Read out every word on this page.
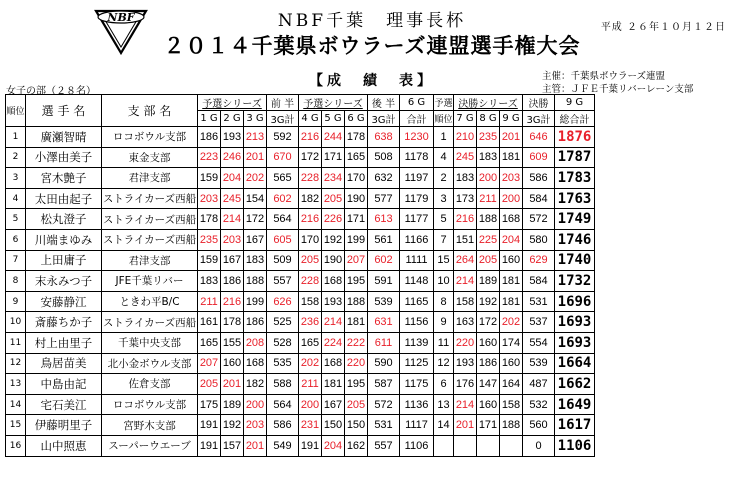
NBF	NBF千葉　理事長杯
２０１４千葉県ボウラーズ連盟選手権大会
平成 ２６年１０月１２日
主催：千葉県ボウラーズ連盟
主管：ＪＦＥ千葉リバーレーン支部
【成　績　表】
女子の部（２８名）
順位	選 手 名	支 部 名	予選シリーズ			前 半	予選シリーズ			後 半	6 G	予選	決勝シリーズ			決勝	9 G
			1 G	2 G	3 G	3G計	4 G	5 G	6 G	3G計	合計	順位	7 G	8 G	9 G	3G計	総合計
1	廣瀬智晴	ロコボウル支部	186	193	213	592	216	244	178	638	1230	1	210	235	201	646	1876
2	小澤由美子	東金支部	223	246	201	670	172	171	165	508	1178	4	245	183	181	609	1787
3	宮木艶子	君津支部	159	204	202	565	228	234	170	632	1197	2	183	200	203	586	1783
4	太田由起子	ストライカーズ西船	203	245	154	602	182	205	190	577	1179	3	173	211	200	584	1763
5	松丸澄子	ストライカーズ西船	178	214	172	564	216	226	171	613	1177	5	216	188	168	572	1749
6	川端まゆみ	ストライカーズ西船	235	203	167	605	170	192	199	561	1166	7	151	225	204	580	1746
7	上田庸子	君津支部	159	167	183	509	205	190	207	602	1111	15	264	205	160	629	1740
8	末永みつ子	JFE千葉リバー	183	186	188	557	228	168	195	591	1148	10	214	189	181	584	1732
9	安藤静江	ときわ平B/C	211	216	199	626	158	193	188	539	1165	8	158	192	181	531	1696
10	斎藤ちか子	ストライカーズ西船	161	178	186	525	236	214	181	631	1156	9	163	172	202	537	1693
11	村上由里子	千葉中央支部	165	155	208	528	165	224	222	611	1139	11	220	160	174	554	1693
12	鳥居苗美	北小金ボウル支部	207	160	168	535	202	168	220	590	1125	12	193	186	160	539	1664
13	中島由記	佐倉支部	205	201	182	588	211	181	195	587	1175	6	176	147	164	487	1662
14	宅石美江	ロコボウル支部	175	189	200	564	200	167	205	572	1136	13	214	160	158	532	1649
15	伊藤明里子	宮野木支部	191	192	203	586	231	150	150	531	1117	14	201	171	188	560	1617
16	山中照恵	スーパーウエーブ	191	157	201	549	191	204	162	557	1106					0	1106
